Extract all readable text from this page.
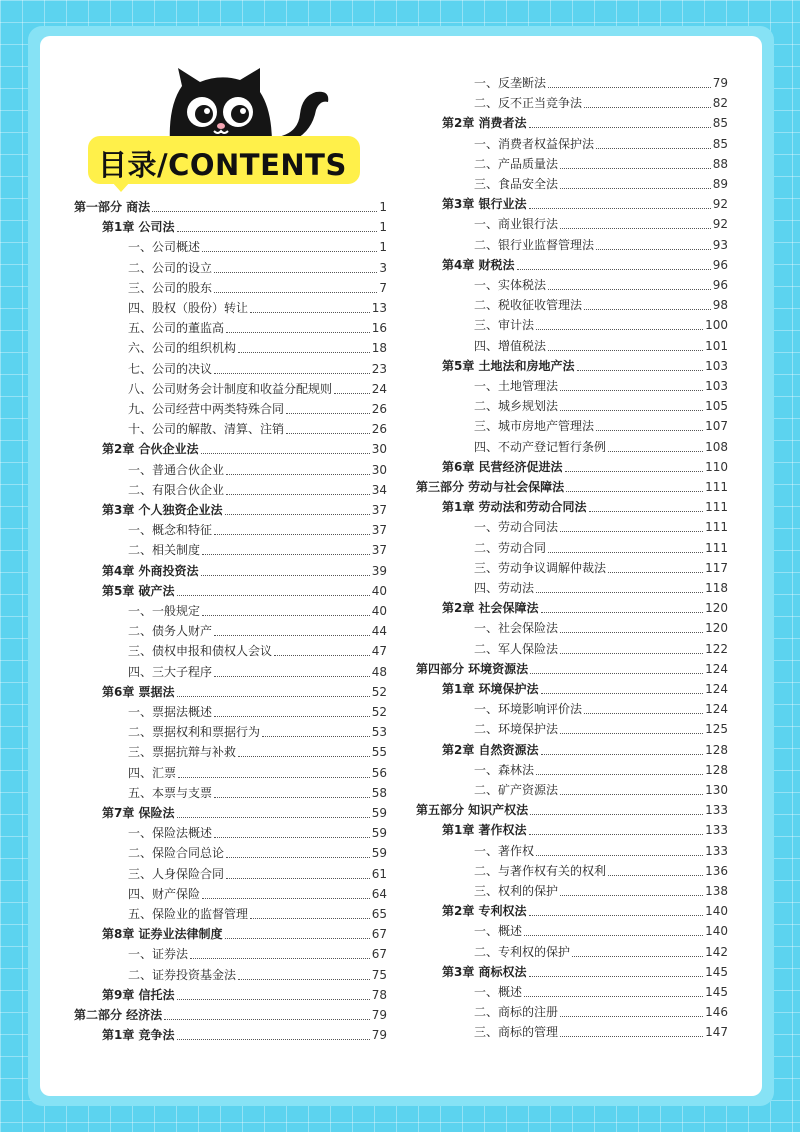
目录/CONTENTS
第一部分 商法	1
第1章 公司法	1
一、公司概述	1
二、公司的设立	3
三、公司的股东	7
四、股权（股份）转让	13
五、公司的董监高	16
六、公司的组织机构	18
七、公司的决议	23
八、公司财务会计制度和收益分配规则	24
九、公司经营中两类特殊合同	26
十、公司的解散、清算、注销	26
第2章 合伙企业法	30
一、普通合伙企业	30
二、有限合伙企业	34
第3章 个人独资企业法	37
一、概念和特征	37
二、相关制度	37
第4章 外商投资法	39
第5章 破产法	40
一、一般规定	40
二、债务人财产	44
三、债权申报和债权人会议	47
四、三大子程序	48
第6章 票据法	52
一、票据法概述	52
二、票据权利和票据行为	53
三、票据抗辩与补救	55
四、汇票	56
五、本票与支票	58
第7章 保险法	59
一、保险法概述	59
二、保险合同总论	59
三、人身保险合同	61
四、财产保险	64
五、保险业的监督管理	65
第8章 证券业法律制度	67
一、证券法	67
二、证券投资基金法	75
第9章 信托法	78
第二部分 经济法	79
第1章 竞争法	79
一、反垄断法	79
二、反不正当竞争法	82
第2章 消费者法	85
一、消费者权益保护法	85
二、产品质量法	88
三、食品安全法	89
第3章 银行业法	92
一、商业银行法	92
二、银行业监督管理法	93
第4章 财税法	96
一、实体税法	96
二、税收征收管理法	98
三、审计法	100
四、增值税法	101
第5章 土地法和房地产法	103
一、土地管理法	103
二、城乡规划法	105
三、城市房地产管理法	107
四、不动产登记暂行条例	108
第6章 民营经济促进法	110
第三部分 劳动与社会保障法	111
第1章 劳动法和劳动合同法	111
一、劳动合同法	111
二、劳动合同	111
三、劳动争议调解仲裁法	117
四、劳动法	118
第2章 社会保障法	120
一、社会保险法	120
二、军人保险法	122
第四部分 环境资源法	124
第1章 环境保护法	124
一、环境影响评价法	124
二、环境保护法	125
第2章 自然资源法	128
一、森林法	128
二、矿产资源法	130
第五部分 知识产权法	133
第1章 著作权法	133
一、著作权	133
二、与著作权有关的权利	136
三、权利的保护	138
第2章 专利权法	140
一、概述	140
二、专利权的保护	142
第3章 商标权法	145
一、概述	145
二、商标的注册	146
三、商标的管理	147
